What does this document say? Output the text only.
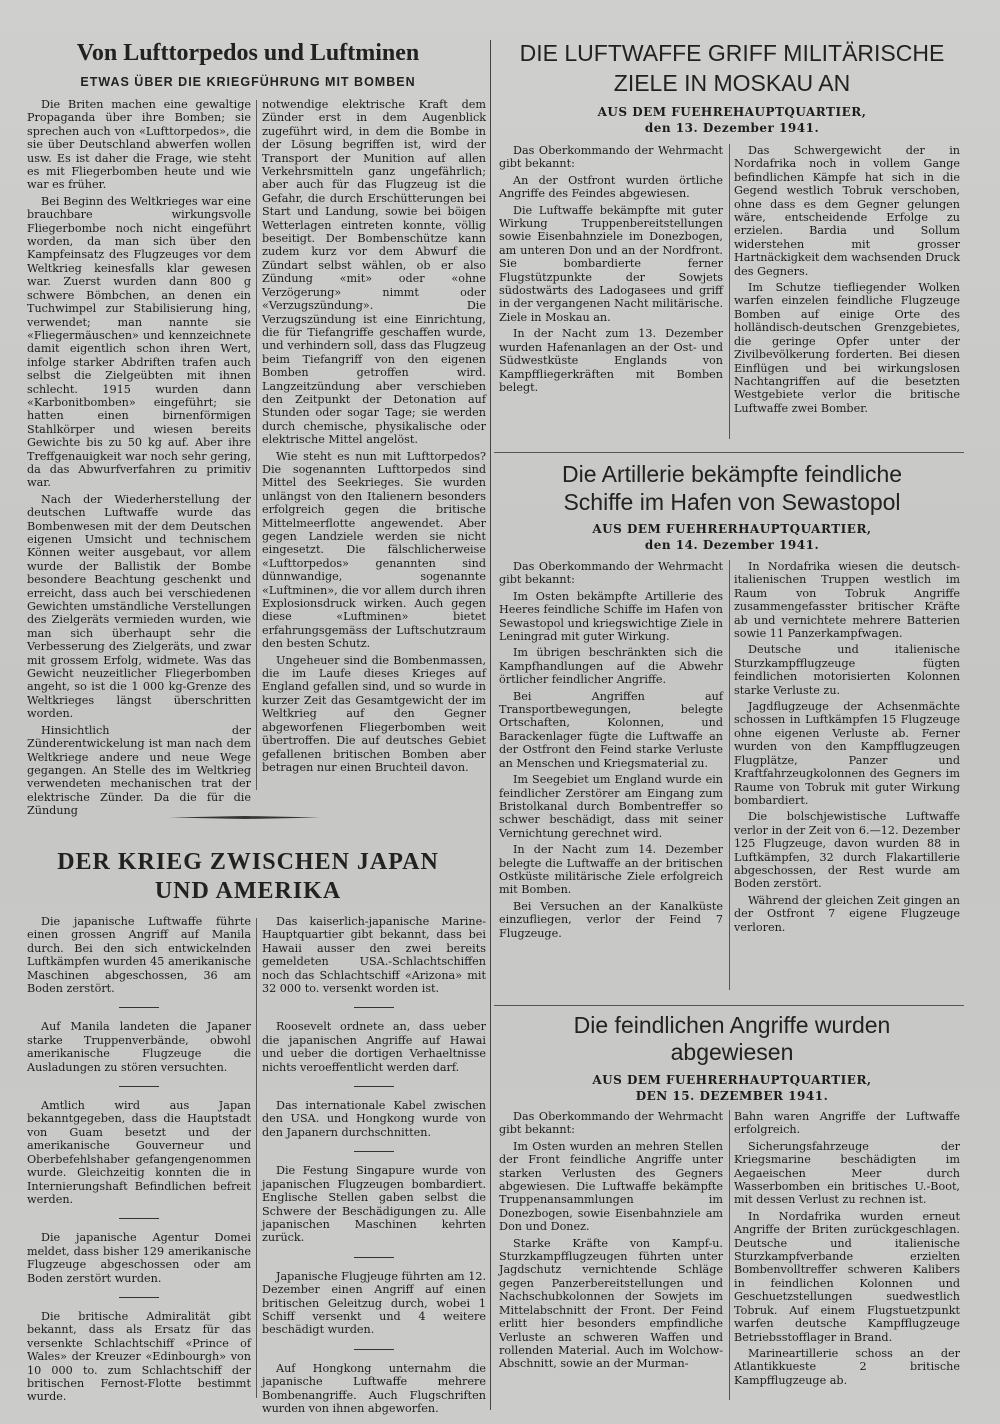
Von Lufttorpedos und Luftminen
ETWAS ÜBER DIE KRIEGFÜHRUNG MIT BOMBEN

Die Briten machen eine gewaltige Propaganda über ihre Bomben; sie sprechen auch von «Lufttorpedos», die sie über Deutschland abwerfen wollen usw. Es ist daher die Frage, wie steht es mit Fliegerbomben heute und wie war es früher.

Bei Beginn des Weltkrieges war eine brauchbare wirkungsvolle Fliegerbombe noch nicht eingeführt worden, da man sich über den Kampfeinsatz des Flugzeuges vor dem Weltkrieg keinesfalls klar gewesen war. Zuerst wurden dann 800 g schwere Bömbchen, an denen ein Tuchwimpel zur Stabilisierung hing, verwendet; man nannte sie «Fliegermäuschen» und kennzeichnete damit eigentlich schon ihren Wert, infolge starker Abdriften trafen auch selbst die Zielgeübten mit ihnen schlecht. 1915 wurden dann «Karbonitbomben» eingeführt; sie hatten einen birnenförmigen Stahlkörper und wiesen bereits Gewichte bis zu 50 kg auf. Aber ihre Treffgenauigkeit war noch sehr gering, da das Abwurfverfahren zu primitiv war.

Nach der Wiederherstellung der deutschen Luftwaffe wurde das Bombenwesen mit der dem Deutschen eigenen Umsicht und technischem Können weiter ausgebaut, vor allem wurde der Ballistik der Bombe besondere Beachtung geschenkt und erreicht, dass auch bei verschiedenen Gewichten umständliche Verstellungen des Zielgeräts vermieden wurden, wie man sich überhaupt sehr die Verbesserung des Zielgeräts, und zwar mit grossem Erfolg, widmete. Was das Gewicht neuzeitlicher Fliegerbomben angeht, so ist die 1 000 kg-Grenze des Weltkrieges längst überschritten worden.

Hinsichtlich der Zünderentwickelung ist man nach dem Weltkriege andere und neue Wege gegangen. An Stelle des im Weltkrieg verwendeten mechanischen trat der elektrische Zünder. Da die für die Zündung

notwendige elektrische Kraft dem Zünder erst in dem Augenblick zugeführt wird, in dem die Bombe in der Lösung begriffen ist, wird der Transport der Munition auf allen Verkehrsmitteln ganz ungefährlich; aber auch für das Flugzeug ist die Gefahr, die durch Erschütterungen bei Start und Landung, sowie bei böigen Wetterlagen eintreten konnte, völlig beseitigt. Der Bombenschütze kann zudem kurz vor dem Abwurf die Zündart selbst wählen, ob er also Zündung «mit» oder «ohne Verzögerung» nimmt oder «Verzugszündung». Die Verzugszündung ist eine Einrichtung, die für Tiefangriffe geschaffen wurde, und verhindern soll, dass das Flugzeug beim Tiefangriff von den eigenen Bomben getroffen wird. Langzeitzündung aber verschieben den Zeitpunkt der Detonation auf Stunden oder sogar Tage; sie werden durch chemische, physikalische oder elektrische Mittel angelöst.

Wie steht es nun mit Lufttorpedos? Die sogenannten Lufttorpedos sind Mittel des Seekrieges. Sie wurden unlängst von den Italienern besonders erfolgreich gegen die britische Mittelmeerflotte angewendet. Aber gegen Landziele werden sie nicht eingesetzt. Die fälschlicherweise «Lufttorpedos» genannten sind dünnwandige, sogenannte «Luftminen», die vor allem durch ihren Explosionsdruck wirken. Auch gegen diese «Luftminen» bietet erfahrungsgemäss der Luftschutzraum den besten Schutz.

Ungeheuer sind die Bombenmassen, die im Laufe dieses Krieges auf England gefallen sind, und so wurde in kurzer Zeit das Gesamtgewicht der im Weltkrieg auf den Gegner abgeworfenen Fliegerbomben weit übertroffen. Die auf deutsches Gebiet gefallenen britischen Bomben aber betragen nur einen Bruchteil davon.

DER KRIEG ZWISCHEN JAPAN
UND AMERIKA

Die japanische Luftwaffe führte einen grossen Angriff auf Manila durch. Bei den sich entwickelnden Luftkämpfen wurden 45 amerikanische Maschinen abgeschossen, 36 am Boden zerstört.

Auf Manila landeten die Japaner starke Truppenverbände, obwohl amerikanische Flugzeuge die Ausladungen zu stören versuchten.

Amtlich wird aus Japan bekanntgegeben, dass die Hauptstadt von Guam besetzt und der amerikanische Gouverneur und Oberbefehlshaber gefangengenommen wurde. Gleichzeitig konnten die in Internierungshaft Befindlichen befreit werden.

Die japanische Agentur Domei meldet, dass bisher 129 amerikanische Flugzeuge abgeschossen oder am Boden zerstört wurden.

Die britische Admiralität gibt bekannt, dass als Ersatz für das versenkte Schlachtschiff «Prince of Wales» der Kreuzer «Edinbourgh» von 10 000 to. zum Schlachtschiff der britischen Fernost-Flotte bestimmt wurde.

Das kaiserlich-japanische Marine-Hauptquartier gibt bekannt, dass bei Hawaii ausser den zwei bereits gemeldeten USA.-Schlachtschiffen noch das Schlachtschiff «Arizona» mit 32 000 to. versenkt worden ist.

Roosevelt ordnete an, dass ueber die japanischen Angriffe auf Hawai und ueber die dortigen Verhaeltnisse nichts veroeffentlicht werden darf.

Das internationale Kabel zwischen den USA. und Hongkong wurde von den Japanern durchschnitten.

Die Festung Singapure wurde von japanischen Flugzeugen bombardiert. Englische Stellen gaben selbst die Schwere der Beschädigungen zu. Alle japanischen Maschinen kehrten zurück.

Japanische Flugjeuge führten am 12. Dezember einen Angriff auf einen britischen Geleitzug durch, wobei 1 Schiff versenkt und 4 weitere beschädigt wurden.

Auf Hongkong unternahm die japanische Luftwaffe mehrere Bombenangriffe. Auch Flugschriften wurden von ihnen abgeworfen.

DIE LUFTWAFFE GRIFF MILITÄRISCHE
ZIELE IN MOSKAU AN
AUS DEM FUEHREHAUPTQUARTIER,
den 13. Dezember 1941.

Das Oberkommando der Wehrmacht gibt bekannt:

An der Ostfront wurden örtliche Angriffe des Feindes abgewiesen.

Die Luftwaffe bekämpfte mit guter Wirkung Truppenbereitstellungen sowie Eisenbahnziele im Donezbogen, am unteren Don und an der Nordfront. Sie bombardierte ferner Flugstützpunkte der Sowjets südostwärts des Ladogasees und griff in der vergangenen Nacht militärische. Ziele in Moskau an.

In der Nacht zum 13. Dezember wurden Hafenanlagen an der Ost- und Südwestküste Englands von Kampffliegerkräften mit Bomben belegt.

Das Schwergewicht der in Nordafrika noch in vollem Gange befindlichen Kämpfe hat sich in die Gegend westlich Tobruk verschoben, ohne dass es dem Gegner gelungen wäre, entscheidende Erfolge zu erzielen. Bardia und Sollum widerstehen mit grosser Hartnäckigkeit dem wachsenden Druck des Gegners.

Im Schutze tiefliegender Wolken warfen einzelen feindliche Flugzeuge Bomben auf einige Orte des holländisch-deutschen Grenzgebietes, die geringe Opfer unter der Zivilbevölkerung forderten. Bei diesen Einflügen und bei wirkungslosen Nachtangriffen auf die besetzten Westgebiete verlor die britische Luftwaffe zwei Bomber.

Die Artillerie bekämpfte feindliche
Schiffe im Hafen von Sewastopol
AUS DEM FUEHRERHAUPTQUARTIER,
den 14. Dezember 1941.

Das Oberkommando der Wehrmacht gibt bekannt:

Im Osten bekämpfte Artillerie des Heeres feindliche Schiffe im Hafen von Sewastopol und kriegswichtige Ziele in Leningrad mit guter Wirkung.

Im übrigen beschränkten sich die Kampfhandlungen auf die Abwehr örtlicher feindlicher Angriffe.

Bei Angriffen auf Transportbewegungen, belegte Ortschaften, Kolonnen, und Barackenlager fügte die Luftwaffe an der Ostfront den Feind starke Verluste an Menschen und Kriegsmaterial zu.

Im Seegebiet um England wurde ein feindlicher Zerstörer am Eingang zum Bristolkanal durch Bombentreffer so schwer beschädigt, dass mit seiner Vernichtung gerechnet wird.

In der Nacht zum 14. Dezember belegte die Luftwaffe an der britischen Ostküste militärische Ziele erfolgreich mit Bomben.

Bei Versuchen an der Kanalküste einzufliegen, verlor der Feind 7 Flugzeuge.

In Nordafrika wiesen die deutsch-italienischen Truppen westlich im Raum von Tobruk Angriffe zusammengefasster britischer Kräfte ab und vernichtete mehrere Batterien sowie 11 Panzerkampfwagen.

Deutsche und italienische Sturzkampfflugzeuge fügten feindlichen motorisierten Kolonnen starke Verluste zu.

Jagdflugzeuge der Achsenmächte schossen in Luftkämpfen 15 Flugzeuge ohne eigenen Verluste ab. Ferner wurden von den Kampfflugzeugen Flugplätze, Panzer und Kraftfahrzeugkolonnen des Gegners im Raume von Tobruk mit guter Wirkung bombardiert.

Die bolschjewistische Luftwaffe verlor in der Zeit von 6.—12. Dezember 125 Flugzeuge, davon wurden 88 in Luftkämpfen, 32 durch Flakartillerie abgeschossen, der Rest wurde am Boden zerstört.

Während der gleichen Zeit gingen an der Ostfront 7 eigene Flugzeuge verloren.

Die feindlichen Angriffe wurden
abgewiesen
AUS DEM FUEHRERHAUPTQUARTIER,
DEN 15. DEZEMBER 1941.

Das Oberkommando der Wehrmacht gibt bekannt:

Im Osten wurden an mehren Stellen der Front feindliche Angriffe unter starken Verlusten des Gegners abgewiesen. Die Luftwaffe bekämpfte Truppenansammlungen im Donezbogen, sowie Eisenbahnziele am Don und Donez.

Starke Kräfte von Kampf-u. Sturzkampfflugzeugen führten unter Jagdschutz vernichtende Schläge gegen Panzerbereitstellungen und Nachschubkolonnen der Sowjets im Mittelabschnitt der Front. Der Feind erlitt hier besonders empfindliche Verluste an schweren Waffen und rollenden Material. Auch im Wolchow-Abschnitt, sowie an der Murman-

Bahn waren Angriffe der Luftwaffe erfolgreich.

Sicherungsfahrzeuge der Kriegsmarine beschädigten im Aegaeischen Meer durch Wasserbomben ein britisches U.-Boot, mit dessen Verlust zu rechnen ist.

In Nordafrika wurden erneut Angriffe der Briten zurückgeschlagen. Deutsche und italienische Sturzkampfverbande erzielten Bombenvolltreffer schweren Kalibers in feindlichen Kolonnen und Geschuetzstellungen suedwestlich Tobruk. Auf einem Flugstuetzpunkt warfen deutsche Kampfflugzeuge Betriebsstofflager in Brand.

Marineartillerie schoss an der Atlantikkueste 2 britische Kampfflugzeuge ab.
